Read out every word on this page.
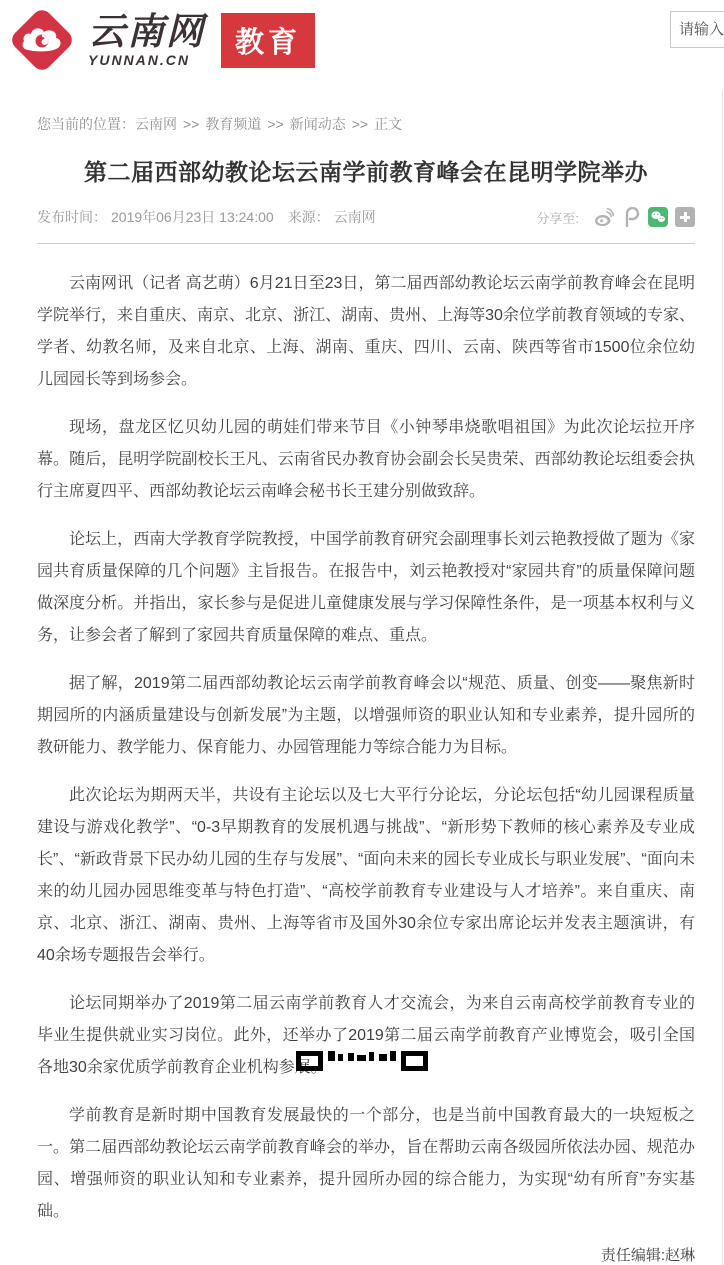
云南网
YUNNAN.CN
教育
请输入关
您当前的位置：云南网 >> 教育频道 >> 新闻动态 >> 正文
第二届西部幼教论坛云南学前教育峰会在昆明学院举办
发布时间： 2019年06月23日 13:24:00 来源： 云南网	分享至:

云南网讯（记者 高艺萌）6月21日至23日，第二届西部幼教论坛云南学前教育峰会在昆明学院举行，来自重庆、南京、北京、浙江、湖南、贵州、上海等30余位学前教育领域的专家、学者、幼教名师，及来自北京、上海、湖南、重庆、四川、云南、陕西等省市1500位余位幼儿园园长等到场参会。

现场，盘龙区忆贝幼儿园的萌娃们带来节目《小钟琴串烧歌唱祖国》为此次论坛拉开序幕。随后，昆明学院副校长王凡、云南省民办教育协会副会长吴贵荣、西部幼教论坛组委会执行主席夏四平、西部幼教论坛云南峰会秘书长王建分别做致辞。

论坛上，西南大学教育学院教授，中国学前教育研究会副理事长刘云艳教授做了题为《家园共育质量保障的几个问题》主旨报告。在报告中，刘云艳教授对“家园共育”的质量保障问题做深度分析。并指出，家长参与是促进儿童健康发展与学习保障性条件，是一项基本权利与义务，让参会者了解到了家园共育质量保障的难点、重点。

据了解，2019第二届西部幼教论坛云南学前教育峰会以“规范、质量、创变——聚焦新时期园所的内涵质量建设与创新发展”为主题，以增强师资的职业认知和专业素养，提升园所的教研能力、教学能力、保育能力、办园管理能力等综合能力为目标。

此次论坛为期两天半，共设有主论坛以及七大平行分论坛，分论坛包括“幼儿园课程质量建设与游戏化教学”、“0-3早期教育的发展机遇与挑战”、“新形势下教师的核心素养及专业成长”、“新政背景下民办幼儿园的生存与发展”、“面向未来的园长专业成长与职业发展”、“面向未来的幼儿园办园思维变革与特色打造”、“高校学前教育专业建设与人才培养”。来自重庆、南京、北京、浙江、湖南、贵州、上海等省市及国外30余位专家出席论坛并发表主题演讲，有40余场专题报告会举行。

论坛同期举办了2019第二届云南学前教育人才交流会，为来自云南高校学前教育专业的毕业生提供就业实习岗位。此外，还举办了2019第二届云南学前教育产业博览会，吸引全国各地30余家优质学前教育企业机构参展。

学前教育是新时期中国教育发展最快的一个部分，也是当前中国教育最大的一块短板之一。第二届西部幼教论坛云南学前教育峰会的举办，旨在帮助云南各级园所依法办园、规范办园、增强师资的职业认知和专业素养，提升园所办园的综合能力，为实现“幼有所育”夯实基础。

责任编辑:赵琳
